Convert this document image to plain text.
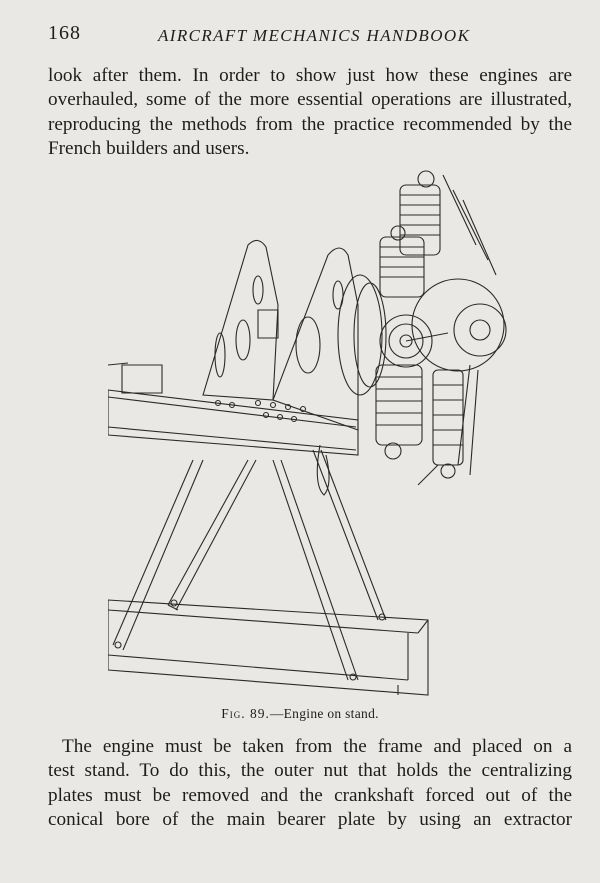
168	AIRCRAFT MECHANICS HANDBOOK
look after them. In order to show just how these engines are
overhauled, some of the more essential operations are illustrated,
reproducing the methods from the practice recommended by the
French builders and users.
Fig. 89.—Engine on stand.
The engine must be taken from the frame and placed on a
test stand. To do this, the outer nut that holds the centralizing
plates must be removed and the crankshaft forced out of the
conical bore of the main bearer plate by using an extractor
